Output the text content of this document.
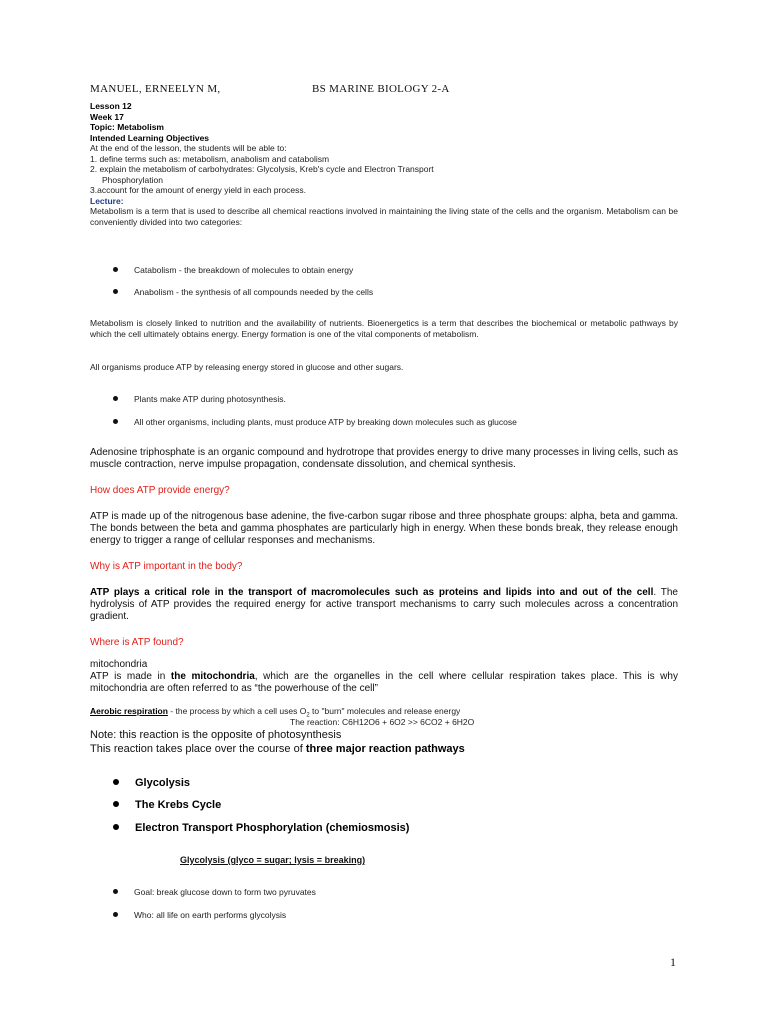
MANUEL, ERNEELYN M,	BS MARINE BIOLOGY 2-A
Lesson 12
Week 17
Topic: Metabolism
Intended Learning Objectives
At the end of the lesson, the students will be able to:
1. define terms such as: metabolism, anabolism and catabolism
2. explain the metabolism of carbohydrates: Glycolysis, Kreb's cycle and Electron Transport
Phosphorylation
3.account for the amount of energy yield in each process.
Lecture:
Metabolism is a term that is used to describe all chemical reactions involved in maintaining the living state of the cells and the organism. Metabolism can be conveniently divided into two categories:
Catabolism - the breakdown of molecules to obtain energy
Anabolism - the synthesis of all compounds needed by the cells
Metabolism is closely linked to nutrition and the availability of nutrients. Bioenergetics is a term that describes the biochemical or metabolic pathways by which the cell ultimately obtains energy. Energy formation is one of the vital components of metabolism.
All organisms produce ATP by releasing energy stored in glucose and other sugars.
Plants make ATP during photosynthesis.
All other organisms, including plants, must produce ATP by breaking down molecules such as glucose
Adenosine triphosphate is an organic compound and hydrotrope that provides energy to drive many processes in living cells, such as muscle contraction, nerve impulse propagation, condensate dissolution, and chemical synthesis.
How does ATP provide energy?
ATP is made up of the nitrogenous base adenine, the five-carbon sugar ribose and three phosphate groups: alpha, beta and gamma. The bonds between the beta and gamma phosphates are particularly high in energy. When these bonds break, they release enough energy to trigger a range of cellular responses and mechanisms.
Why is ATP important in the body?
ATP plays a critical role in the transport of macromolecules such as proteins and lipids into and out of the cell. The hydrolysis of ATP provides the required energy for active transport mechanisms to carry such molecules across a concentration gradient.
Where is ATP found?
mitochondria
ATP is made in the mitochondria, which are the organelles in the cell where cellular respiration takes place. This is why mitochondria are often referred to as “the powerhouse of the cell”
Aerobic respiration - the process by which a cell uses $O_2$ to "burn" molecules and release energy
The reaction: C6H12O6 + 6O2 >> 6CO2 + 6H2O
Note: this reaction is the opposite of photosynthesis
This reaction takes place over the course of three major reaction pathways
Glycolysis
The Krebs Cycle
Electron Transport Phosphorylation (chemiosmosis)
Glycolysis (glyco = sugar; lysis = breaking)
Goal: break glucose down to form two pyruvates
Who: all life on earth performs glycolysis
1
